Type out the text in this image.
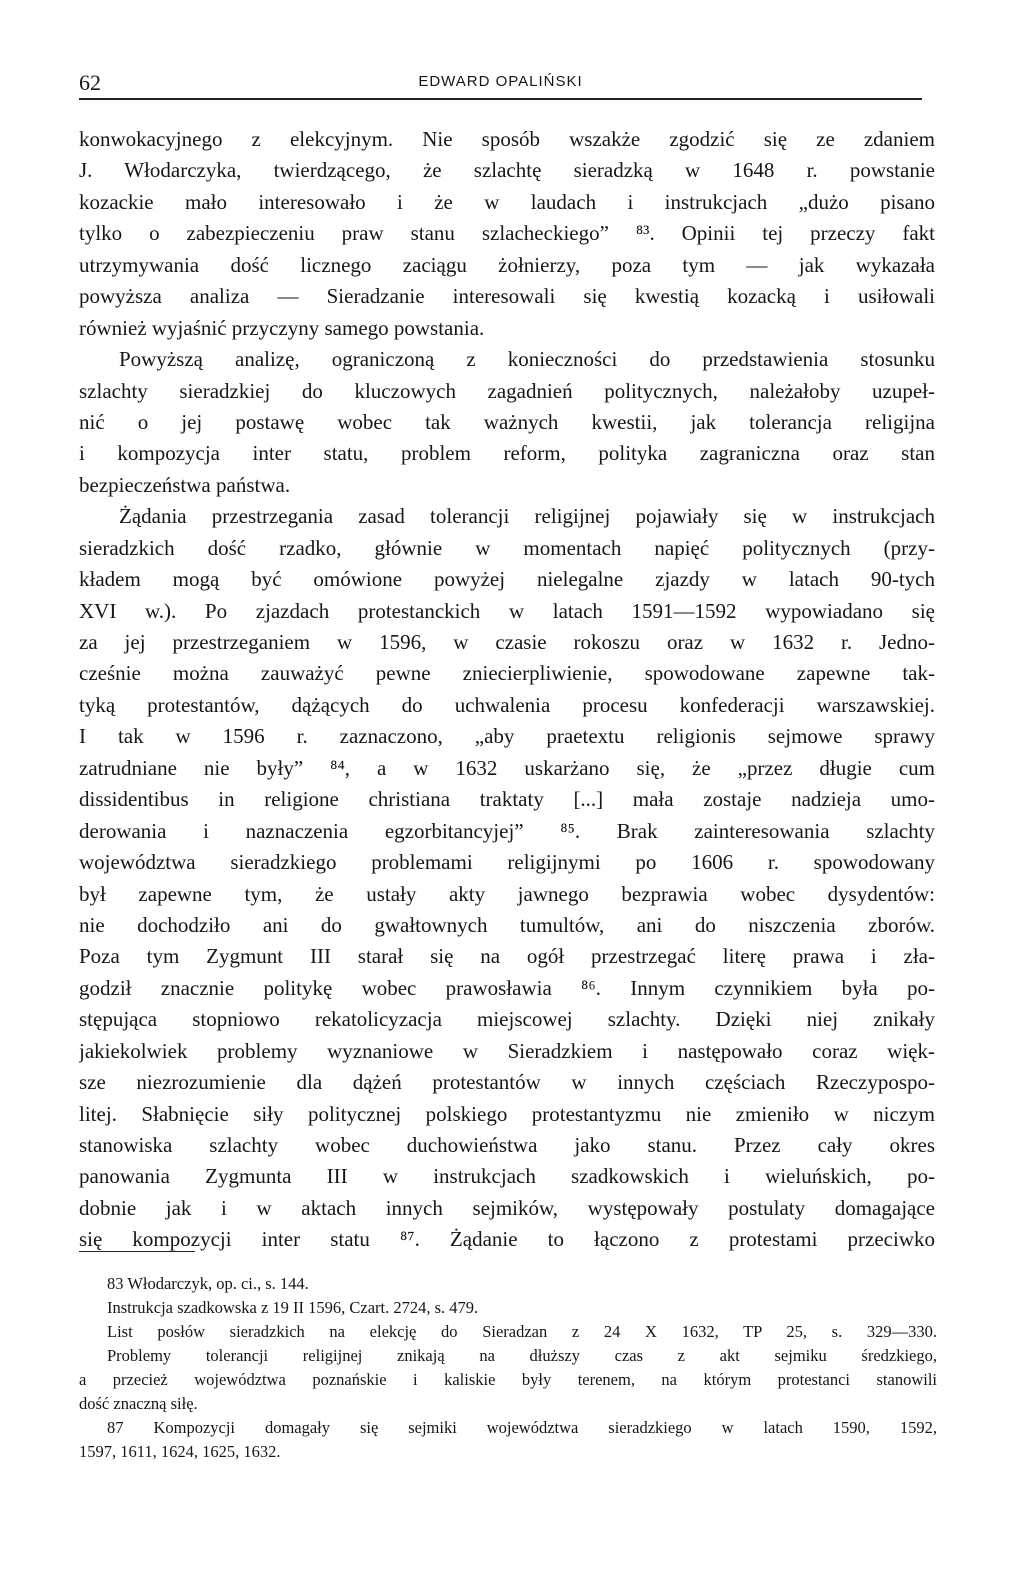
62	EDWARD OPALIŃSKI
konwokacyjnego z elekcyjnym. Nie sposób wszakże zgodzić się ze zdaniem
J. Włodarczyka, twierdzącego, że szlachtę sieradzką w 1648 r. powstanie
kozackie mało interesowało i że w laudach i instrukcjach „dużo pisano
tylko o zabezpieczeniu praw stanu szlacheckiego” ⁸³. Opinii tej przeczy fakt
utrzymywania dość licznego zaciągu żołnierzy, poza tym — jak wykazała
powyższa analiza — Sieradzanie interesowali się kwestią kozacką i usiłowali
również wyjaśnić przyczyny samego powstania.
Powyższą analizę, ograniczoną z konieczności do przedstawienia stosunku
szlachty sieradzkiej do kluczowych zagadnień politycznych, należałoby uzupeł-
nić o jej postawę wobec tak ważnych kwestii, jak tolerancja religijna
i kompozycja inter statu, problem reform, polityka zagraniczna oraz stan
bezpieczeństwa państwa.
Żądania przestrzegania zasad tolerancji religijnej pojawiały się w instrukcjach
sieradzkich dość rzadko, głównie w momentach napięć politycznych (przy-
kładem mogą być omówione powyżej nielegalne zjazdy w latach 90-tych
XVI w.). Po zjazdach protestanckich w latach 1591—1592 wypowiadano się
za jej przestrzeganiem w 1596, w czasie rokoszu oraz w 1632 r. Jedno-
cześnie można zauważyć pewne zniecierpliwienie, spowodowane zapewne tak-
tyką protestantów, dążących do uchwalenia procesu konfederacji warszawskiej.
I tak w 1596 r. zaznaczono, „aby praetextu religionis sejmowe sprawy
zatrudniane nie były” ⁸⁴, a w 1632 uskarżano się, że „przez długie cum
dissidentibus in religione christiana traktaty [...] mała zostaje nadzieja umo-
derowania i naznaczenia egzorbitancyjej” ⁸⁵. Brak zainteresowania szlachty
województwa sieradzkiego problemami religijnymi po 1606 r. spowodowany
był zapewne tym, że ustały akty jawnego bezprawia wobec dysydentów:
nie dochodziło ani do gwałtownych tumultów, ani do niszczenia zborów.
Poza tym Zygmunt III starał się na ogół przestrzegać literę prawa i zła-
godził znacznie politykę wobec prawosławia ⁸⁶. Innym czynnikiem była po-
stępująca stopniowo rekatolicyzacja miejscowej szlachty. Dzięki niej znikały
jakiekolwiek problemy wyznaniowe w Sieradzkiem i następowało coraz więk-
sze niezrozumienie dla dążeń protestantów w innych częściach Rzeczypospo-
litej. Słabnięcie siły politycznej polskiego protestantyzmu nie zmieniło w niczym
stanowiska szlachty wobec duchowieństwa jako stanu. Przez cały okres
panowania Zygmunta III w instrukcjach szadkowskich i wieluńskich, po-
dobnie jak i w aktach innych sejmików, występowały postulaty domagające
się kompozycji inter statu ⁸⁷. Żądanie to łączono z protestami przeciwko
83 Włodarczyk, op. ci., s. 144.
Instrukcja szadkowska z 19 II 1596, Czart. 2724, s. 479.
List posłów sieradzkich na elekcję do Sieradzan z 24 X 1632, TP 25, s. 329—330.
Problemy tolerancji religijnej znikają na dłuższy czas z akt sejmiku średzkiego,
a przecież województwa poznańskie i kaliskie były terenem, na którym protestanci stanowili
dość znaczną siłę.
87 Kompozycji domagały się sejmiki województwa sieradzkiego w latach 1590, 1592,
1597, 1611, 1624, 1625, 1632.
